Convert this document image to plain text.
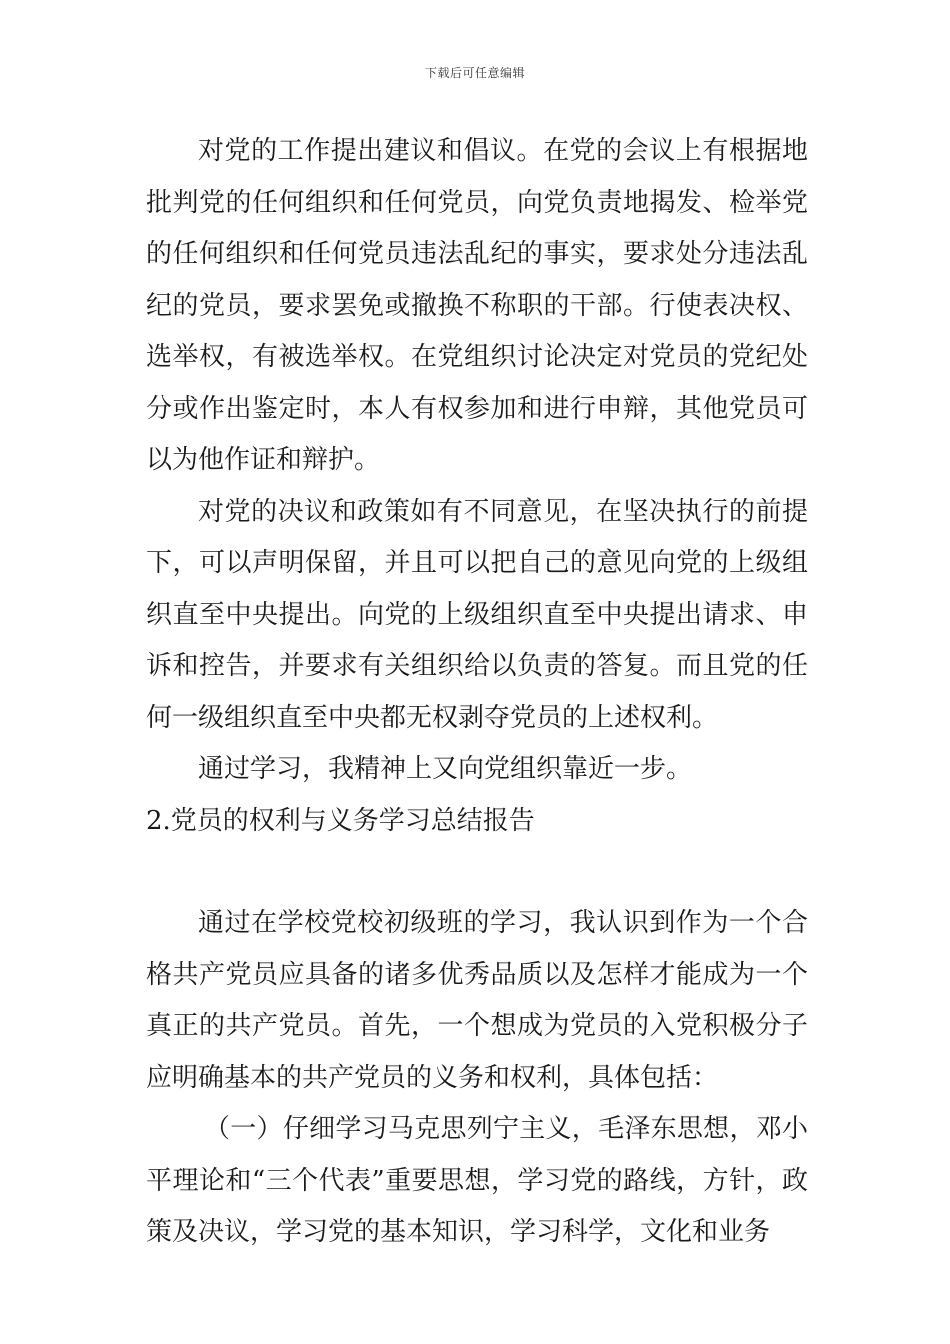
下载后可任意编辑

对党的工作提出建议和倡议。在党的会议上有根据地批判党的任何组织和任何党员，向党负责地揭发、检举党的任何组织和任何党员违法乱纪的事实，要求处分违法乱纪的党员，要求罢免或撤换不称职的干部。行使表决权、选举权，有被选举权。在党组织讨论决定对党员的党纪处分或作出鉴定时，本人有权参加和进行申辩，其他党员可以为他作证和辩护。

对党的决议和政策如有不同意见，在坚决执行的前提下，可以声明保留，并且可以把自己的意见向党的上级组织直至中央提出。向党的上级组织直至中央提出请求、申诉和控告，并要求有关组织给以负责的答复。而且党的任何一级组织直至中央都无权剥夺党员的上述权利。

通过学习，我精神上又向党组织靠近一步。

2.党员的权利与义务学习总结报告

通过在学校党校初级班的学习，我认识到作为一个合格共产党员应具备的诸多优秀品质以及怎样才能成为一个真正的共产党员。首先，一个想成为党员的入党积极分子应明确基本的共产党员的义务和权利，具体包括：

（一）仔细学习马克思列宁主义，毛泽东思想，邓小平理论和“三个代表”重要思想，学习党的路线，方针，政策及决议，学习党的基本知识，学习科学，文化和业务
